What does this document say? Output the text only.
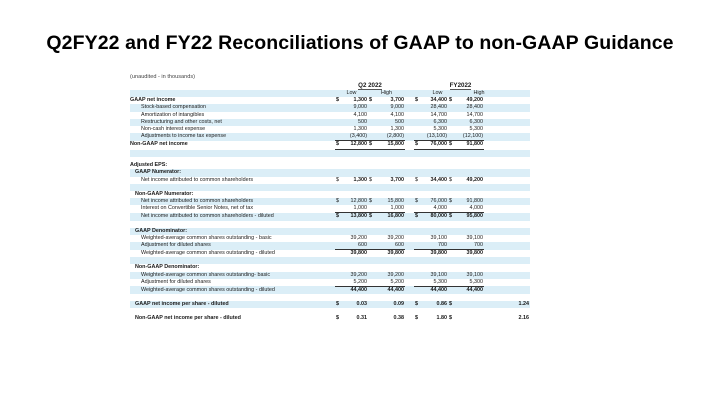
Q2FY22 and FY22 Reconciliations of GAAP to non-GAAP Guidance
(unaudited - in thousands)

	Q2 2022						FY2022				
	Low		High				Low		High		
GAAP net income	$	1,300	$	3,700		$	34,400	$	49,200		
Stock-based compensation		9,000		9,000			28,400		28,400		
Amortization of intangibles		4,100		4,100			14,700		14,700		
Restructuring and other costs, net		500		500			6,300		6,300		
Non-cash interest expense		1,300		1,300			5,300		5,300		
Adjustments to income tax expense		(3,400)		(2,800)			(13,100)		(12,100)		
Non-GAAP net income	$	12,800	$	15,800		$	76,000	$	91,800		

Adjusted EPS:											
GAAP Numerator:											
Net income attributed to common shareholders	$	1,300	$	3,700		$	34,400	$	49,200		

Non-GAAP Numerator:											
Net income attributed to common shareholders	$	12,800	$	15,800		$	76,000	$	91,800		
Interest on Convertible Senior Notes, net of tax		1,000		1,000			4,000		4,000		
Net income attributed to common shareholders - diluted	$	13,800	$	16,800		$	80,000	$	95,800		

GAAP Denominator:											
Weighted-average common shares outstanding - basic		39,200		39,200			39,100		39,100		
Adjustment for diluted shares		600		600			700		700		
Weighted-average common shares outstanding - diluted		39,800		39,800			39,800		39,800		

Non-GAAP Denominator:											
Weighted-average common shares outstanding- basic		39,200		39,200			39,100		39,100		
Adjustment for diluted shares		5,200		5,200			5,300		5,300		
Weighted-average common shares outstanding - diluted		44,400		44,400			44,400		44,400		

GAAP net income per share - diluted	$	0.03		0.09		$	0.86	$			1.24

Non-GAAP net income per share - diluted	$	0.31		0.38		$	1.80	$			2.16
